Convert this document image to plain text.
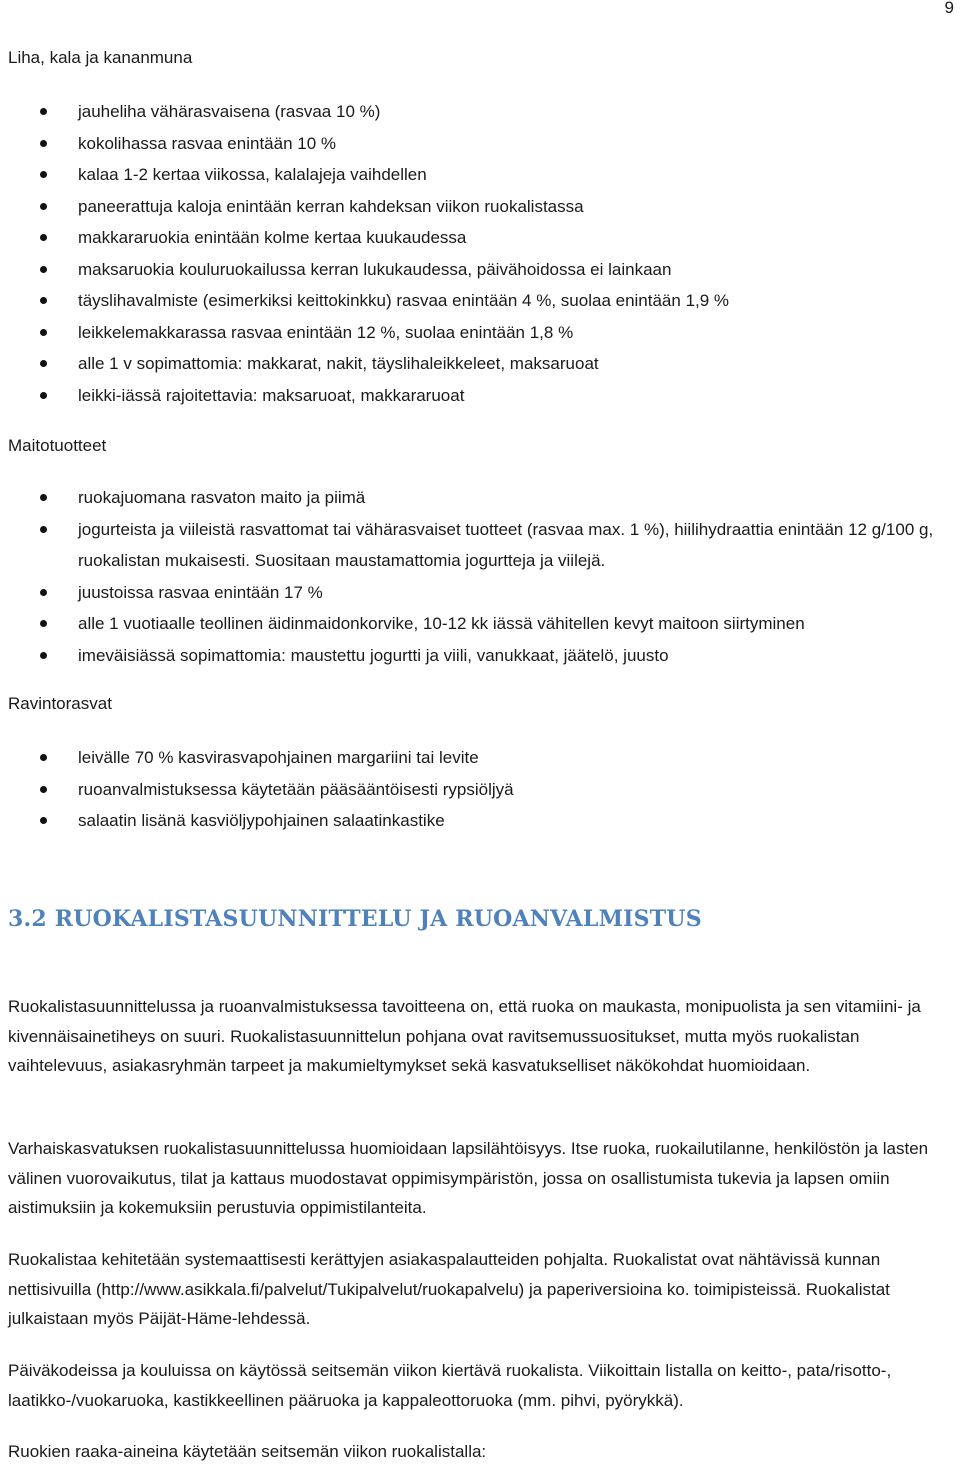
9
Liha, kala ja kananmuna
jauheliha vähärasvaisena (rasvaa 10 %)
kokolihassa rasvaa enintään 10 %
kalaa 1-2 kertaa viikossa, kalalajeja vaihdellen
paneerattuja kaloja enintään kerran kahdeksan viikon ruokalistassa
makkararuokia enintään kolme kertaa kuukaudessa
maksaruokia kouluruokailussa kerran lukukaudessa, päivähoidossa ei lainkaan
täyslihavalmiste (esimerkiksi keittokinkku) rasvaa enintään 4 %, suolaa enintään 1,9 %
leikkelemakkarassa rasvaa enintään 12 %, suolaa enintään 1,8 %
alle 1 v sopimattomia: makkarat, nakit, täyslihaleikkeleet, maksaruoat
leikki-iässä rajoitettavia: maksaruoat, makkararuoat
Maitotuotteet
ruokajuomana rasvaton maito ja piimä
jogurteista ja viileistä rasvattomat tai vähärasvaiset tuotteet (rasvaa max. 1 %), hiilihydraattia enintään 12 g/100 g, ruokalistan mukaisesti. Suositaan maustamattomia jogurtteja ja viilejä.
juustoissa rasvaa enintään 17 %
alle 1 vuotiaalle teollinen äidinmaidonkorvike, 10-12 kk iässä vähitellen kevyt maitoon siirtyminen
imeväisiässä sopimattomia: maustettu jogurtti ja viili, vanukkaat, jäätelö, juusto
Ravintorasvat
leivälle 70 % kasvirasvapohjainen margariini tai levite
ruoanvalmistuksessa käytetään pääsääntöisesti rypsiöljyä
salaatin lisänä kasviöljypohjainen salaatinkastike
3.2 RUOKALISTASUUNNITTELU JA RUOANVALMISTUS

Ruokalistasuunnittelussa ja ruoanvalmistuksessa tavoitteena on, että ruoka on maukasta, monipuolista ja sen vitamiini- ja kivennäisainetiheys on suuri. Ruokalistasuunnittelun pohjana ovat ravitsemussuositukset, mutta myös ruokalistan vaihtelevuus, asiakasryhmän tarpeet ja makumieltymykset sekä kasvatukselliset näkökohdat huomioidaan.

Varhaiskasvatuksen ruokalistasuunnittelussa huomioidaan lapsilähtöisyys. Itse ruoka, ruokailutilanne, henkilöstön ja lasten välinen vuorovaikutus, tilat ja kattaus muodostavat oppimisympäristön, jossa on osallistumista tukevia ja lapsen omiin aistimuksiin ja kokemuksiin perustuvia oppimistilanteita.

Ruokalistaa kehitetään systemaattisesti kerättyjen asiakaspalautteiden pohjalta. Ruokalistat ovat nähtävissä kunnan nettisivuilla (http://www.asikkala.fi/palvelut/Tukipalvelut/ruokapalvelu) ja paperiversioina ko. toimipisteissä. Ruokalistat julkaistaan myös Päijät-Häme-lehdessä.

Päiväkodeissa ja kouluissa on käytössä seitsemän viikon kiertävä ruokalista. Viikoittain listalla on keitto-, pata/risotto-, laatikko-/vuokaruoka, kastikkeellinen pääruoka ja kappaleottoruoka (mm. pihvi, pyörykkä).

Ruokien raaka-aineina käytetään seitsemän viikon ruokalistalla:
